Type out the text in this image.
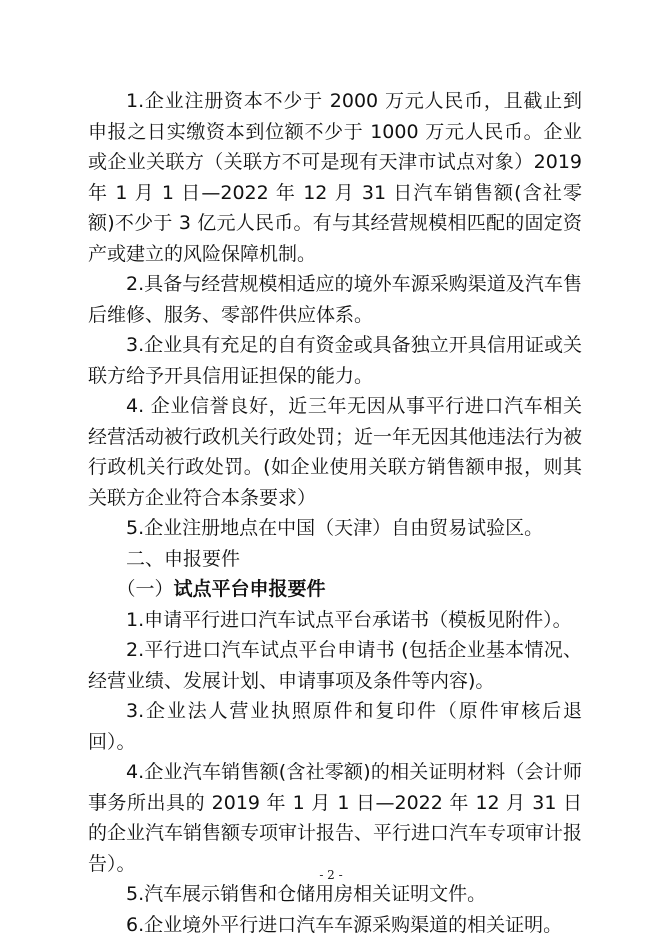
1.企业注册资本不少于 2000 万元人民币，且截止到申报之日实缴资本到位额不少于 1000 万元人民币。企业或企业关联方（关联方不可是现有天津市试点对象）2019 年 1 月 1 日—2022 年 12 月 31 日汽车销售额(含社零额)不少于 3 亿元人民币。有与其经营规模相匹配的固定资产或建立的风险保障机制。

2.具备与经营规模相适应的境外车源采购渠道及汽车售后维修、服务、零部件供应体系。

3.企业具有充足的自有资金或具备独立开具信用证或关联方给予开具信用证担保的能力。

4. 企业信誉良好，近三年无因从事平行进口汽车相关经营活动被行政机关行政处罚；近一年无因其他违法行为被行政机关行政处罚。(如企业使用关联方销售额申报，则其关联方企业符合本条要求）

5.企业注册地点在中国（天津）自由贸易试验区。

二、申报要件

（一）试点平台申报要件

1.申请平行进口汽车试点平台承诺书（模板见附件）。

2.平行进口汽车试点平台申请书 (包括企业基本情况、经营业绩、发展计划、申请事项及条件等内容)。

3.企业法人营业执照原件和复印件（原件审核后退回）。

4.企业汽车销售额(含社零额)的相关证明材料（会计师事务所出具的 2019 年 1 月 1 日—2022 年 12 月 31 日的企业汽车销售额专项审计报告、平行进口汽车专项审计报告）。

5.汽车展示销售和仓储用房相关证明文件。

6.企业境外平行进口汽车车源采购渠道的相关证明。

- 2 -
